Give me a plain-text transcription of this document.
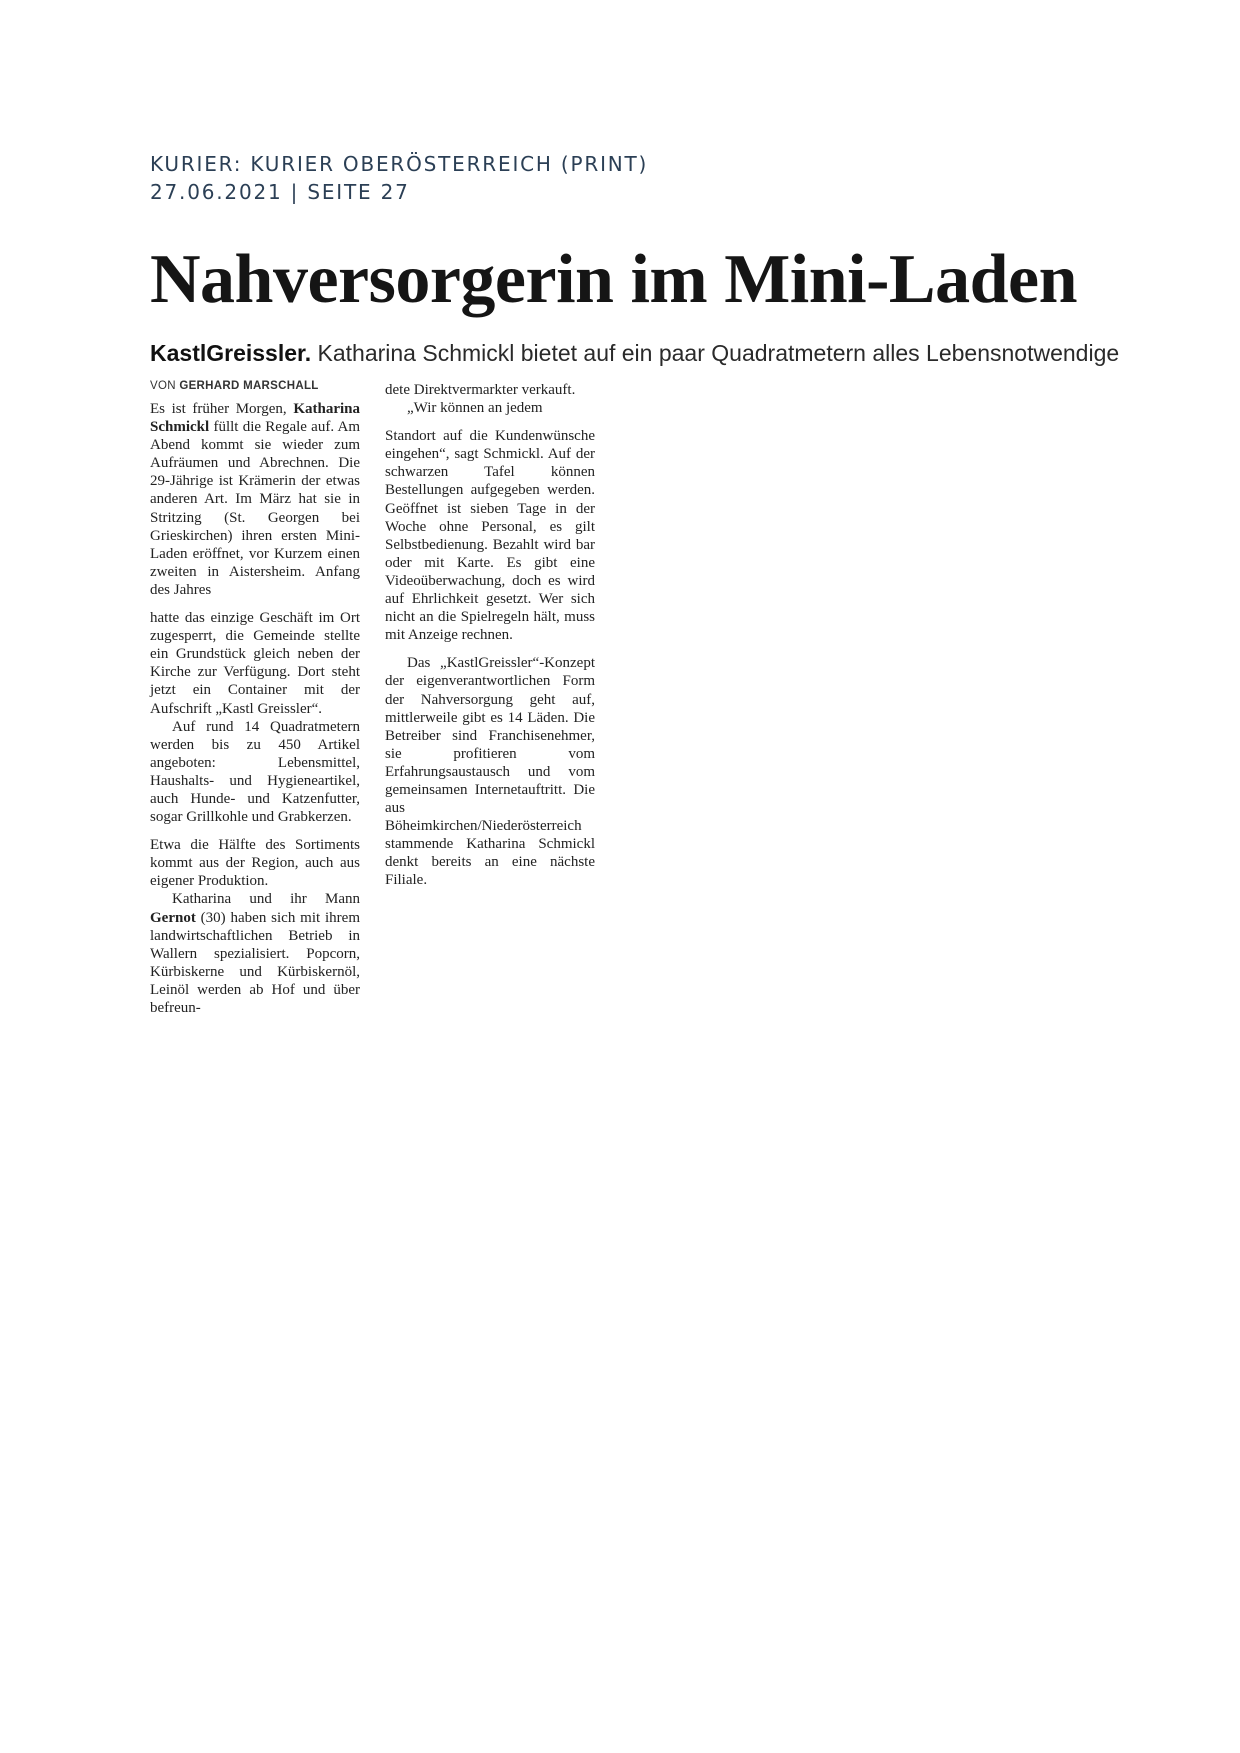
KURIER: KURIER OBERÖSTERREICH (PRINT)
27.06.2021 | SEITE 27
Nahversorgerin im Mini-Laden
KastlGreissler. Katharina Schmickl bietet auf ein paar Quadratmetern alles Lebensnotwendige
VON GERHARD MARSCHALL

Es ist früher Morgen, Katharina Schmickl füllt die Regale auf. Am Abend kommt sie wieder zum Aufräumen und Abrechnen. Die 29-Jährige ist Krämerin der etwas anderen Art. Im März hat sie in Stritzing (St. Georgen bei Grieskirchen) ihren ersten Mini-Laden eröffnet, vor Kurzem einen zweiten in Aistersheim. Anfang des Jahres

hatte das einzige Geschäft im Ort zugesperrt, die Gemeinde stellte ein Grundstück gleich neben der Kirche zur Verfügung. Dort steht jetzt ein Container mit der Aufschrift „Kastl Greissler“.

Auf rund 14 Quadratmetern werden bis zu 450 Artikel angeboten: Lebensmittel, Haushalts- und Hygieneartikel, auch Hunde- und Katzenfutter, sogar Grillkohle und Grabkerzen.

Etwa die Hälfte des Sortiments kommt aus der Region, auch aus eigener Produktion.

Katharina und ihr Mann Gernot (30) haben sich mit ihrem landwirtschaftlichen Betrieb in Wallern spezialisiert. Popcorn, Kürbiskerne und Kürbiskernöl, Leinöl werden ab Hof und über befreun-

dete Direktvermarkter verkauft.

„Wir können an jedem

Standort auf die Kundenwünsche eingehen“, sagt Schmickl. Auf der schwarzen Tafel können Bestellungen aufgegeben werden. Geöffnet ist sieben Tage in der Woche ohne Personal, es gilt Selbstbedienung. Bezahlt wird bar oder mit Karte. Es gibt eine Videoüberwachung, doch es wird auf Ehrlichkeit gesetzt. Wer sich nicht an die Spielregeln hält, muss mit Anzeige rechnen.

Das „KastlGreissler“-Konzept der eigenverantwortlichen Form der Nahversorgung geht auf, mittlerweile gibt es 14 Läden. Die Betreiber sind Franchisenehmer, sie profitieren vom Erfahrungsaustausch und vom gemeinsamen Internetauftritt. Die aus Böheimkirchen/Niederösterreich stammende Katharina Schmickl denkt bereits an eine nächste Filiale.
